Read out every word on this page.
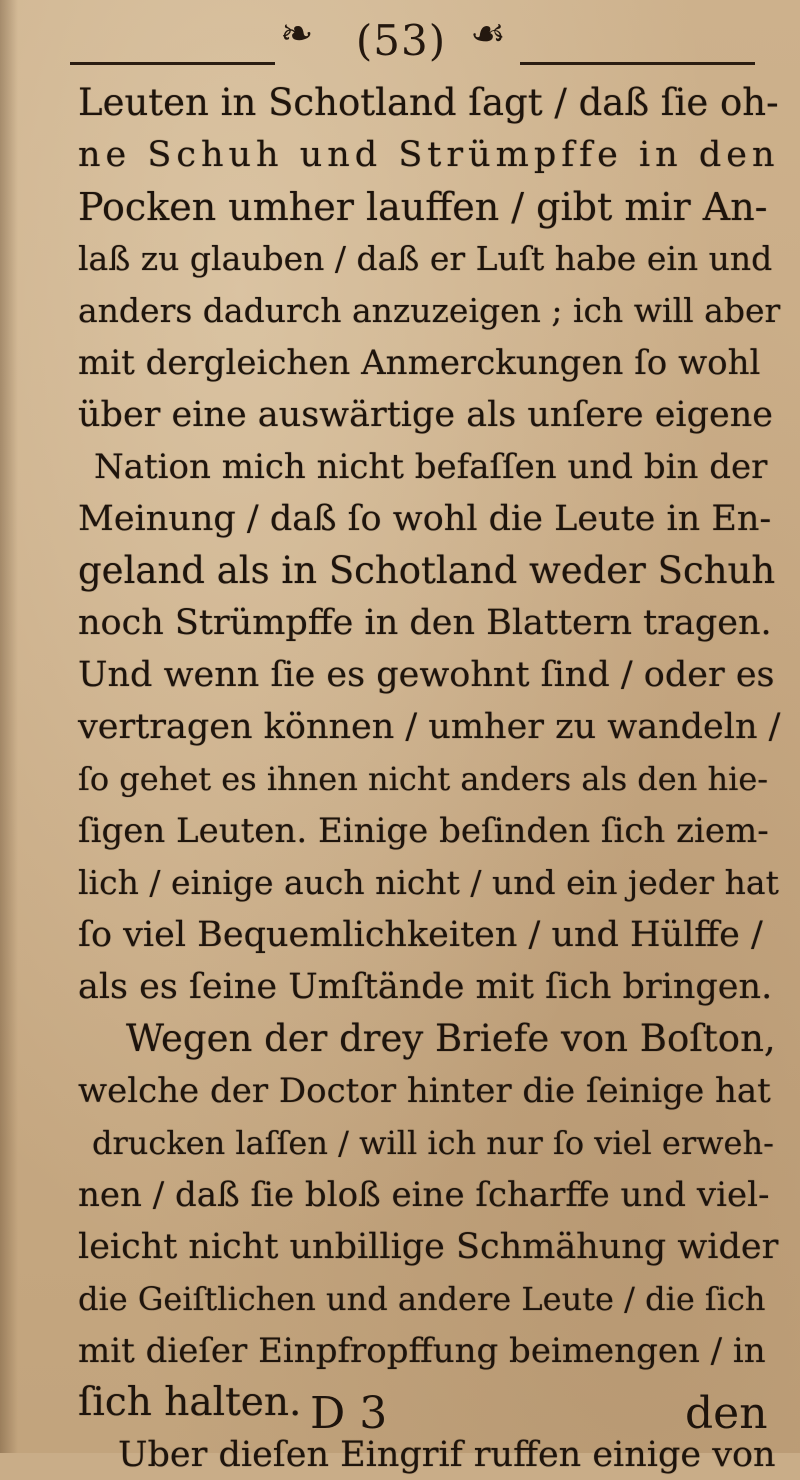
❧	(53) ☙
Leuten in Schotland ſagt / daß ſie oh-
ne Schuh und Strümpffe in den
Pocken umher lauffen / gibt mir An-
laß zu glauben / daß er Luſt habe ein und
anders dadurch anzuzeigen ; ich will aber
mit dergleichen Anmerckungen ſo wohl
über eine auswärtige als unſere eigene
Nation mich nicht befaſſen und bin der
Meinung / daß ſo wohl die Leute in En-
geland als in Schotland weder Schuh
noch Strümpffe in den Blattern tragen.
Und wenn ſie es gewohnt ſind / oder es
vertragen können / umher zu wandeln /
ſo gehet es ihnen nicht anders als den hie-
ſigen Leuten. Einige beſinden ſich ziem-
lich / einige auch nicht / und ein jeder hat
ſo viel Bequemlichkeiten / und Hülffe /
als es ſeine Umſtände mit ſich bringen.
Wegen der drey Briefe von Boſton,
welche der Doctor hinter die ſeinige hat
drucken laſſen / will ich nur ſo viel erweh-
nen / daß ſie bloß eine ſcharffe und viel-
leicht nicht unbillige Schmähung wider
die Geiſtlichen und andere Leute / die ſich
mit dieſer Einpfropffung beimengen / in
ſich halten.
Uber dieſen Eingrif ruffen einige von
D 3	den
